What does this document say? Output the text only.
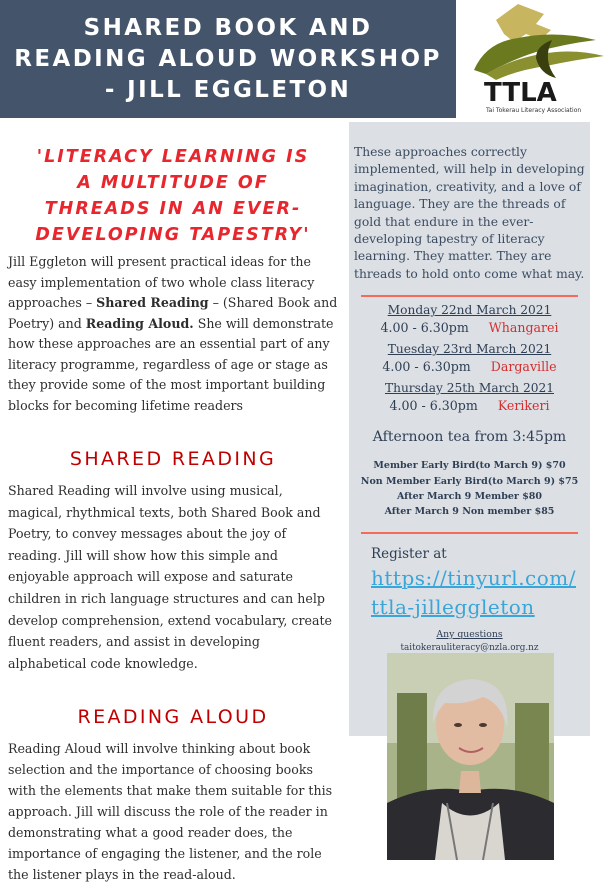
SHARED BOOK AND
READING ALOUD WORKSHOP
- JILL EGGLETON	TTLA
Tai Tokerau Literacy Association
'LITERACY LEARNING IS
A MULTITUDE OF
THREADS IN AN EVER-
DEVELOPING TAPESTRY'

Jill Eggleton will present practical ideas for the easy implementation of two whole class literacy approaches – Shared Reading – (Shared Book and Poetry) and Reading Aloud. She will demonstrate how these approaches are an essential part of any literacy programme, regardless of age or stage as they provide some of the most important building blocks for becoming lifetime readers

SHARED READING

Shared Reading will involve using musical, magical, rhythmical texts, both Shared Book and Poetry, to convey messages about the joy of reading. Jill will show how this simple and enjoyable approach will expose and saturate children in rich language structures and can help develop comprehension, extend vocabulary, create fluent readers, and assist in developing alphabetical code knowledge.

READING ALOUD

Reading Aloud will involve thinking about book selection and the importance of choosing books with the elements that make them suitable for this approach. Jill will discuss the role of the reader in demonstrating what a good reader does, the importance of engaging the listener, and the role the listener plays in the read-aloud.

These approaches correctly implemented, will help in developing imagination, creativity, and a love of language. They are the threads of gold that endure in the ever-developing tapestry of literacy learning. They matter. They are threads to hold onto come what may.

Monday 22nd March 2021
4.00 - 6.30pm Whangarei
Tuesday 23rd March 2021
4.00 - 6.30pm Dargaville
Thursday 25th March 2021
4.00 - 6.30pm Kerikeri
Afternoon tea from 3:45pm
Member Early Bird(to March 9) $70
Non Member Early Bird(to March 9) $75
After March 9 Member $80
After March 9 Non member $85
Register at
https://tinyurl.com/
ttla-jilleggleton
Any questions
taitokerauliteracy@nzla.org.nz
